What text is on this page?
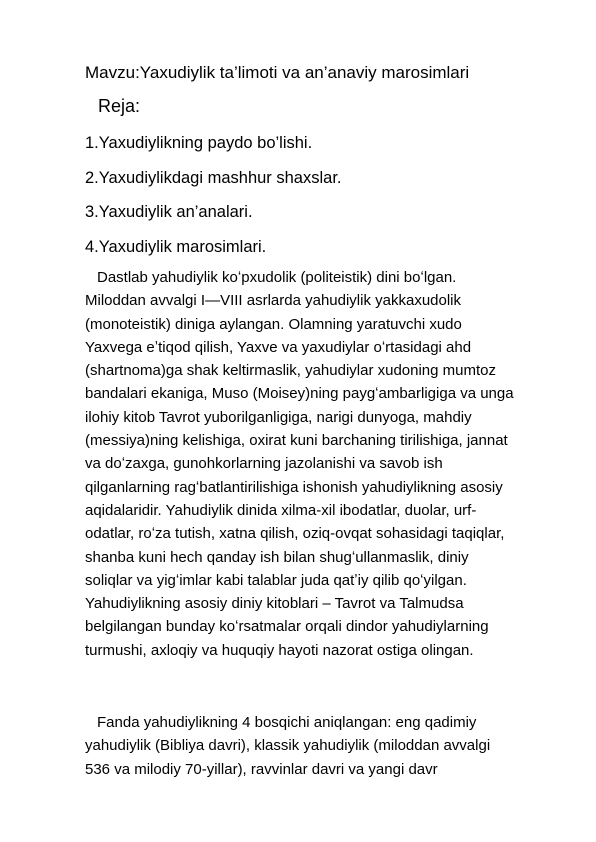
Mavzu:Yaxudiylik ta’limoti va an’anaviy marosimlari
Reja:
1.Yaxudiylikning paydo bo’lishi.
2.Yaxudiylikdagi mashhur shaxslar.
3.Yaxudiylik an’analari.
4.Yaxudiylik marosimlari.
Dastlab yahudiylik koʻpxudolik (politeistik) dini boʻlgan.
Miloddan avvalgi I—VIII asrlarda yahudiylik yakkaxudolik
(monoteistik) diniga aylangan. Olamning yaratuvchi xudo
Yaxvega eʼtiqod qilish, Yaxve va yaxudiylar oʻrtasidagi ahd
(shartnoma)ga shak keltirmaslik, yahudiylar xudoning mumtoz
bandalari ekaniga, Muso (Moisey)ning paygʻambarligiga va unga
ilohiy kitob Tavrot yuborilganligiga, narigi dunyoga, mahdiy
(messiya)ning kelishiga, oxirat kuni barchaning tirilishiga, jannat
va doʻzaxga, gunohkorlarning jazolanishi va savob ish
qilganlarning ragʻbatlantirilishiga ishonish yahudiylikning asosiy
aqidalaridir. Yahudiylik dinida xilma-xil ibodatlar, duolar, urf-
odatlar, roʻza tutish, xatna qilish, oziq-ovqat sohasidagi taqiqlar,
shanba kuni hech qanday ish bilan shugʻullanmaslik, diniy
soliqlar va yigʻimlar kabi talablar juda qatʼiy qilib qoʻyilgan.
Yahudiylikning asosiy diniy kitoblari – Tavrot va Talmudsa
belgilangan bunday koʻrsatmalar orqali dindor yahudiylarning
turmushi, axloqiy va huquqiy hayoti nazorat ostiga olingan.
Fanda yahudiylikning 4 bosqichi aniqlangan: eng qadimiy
yahudiylik (Bibliya davri), klassik yahudiylik (miloddan avvalgi
536 va milodiy 70-yillar), ravvinlar davri va yangi davr
